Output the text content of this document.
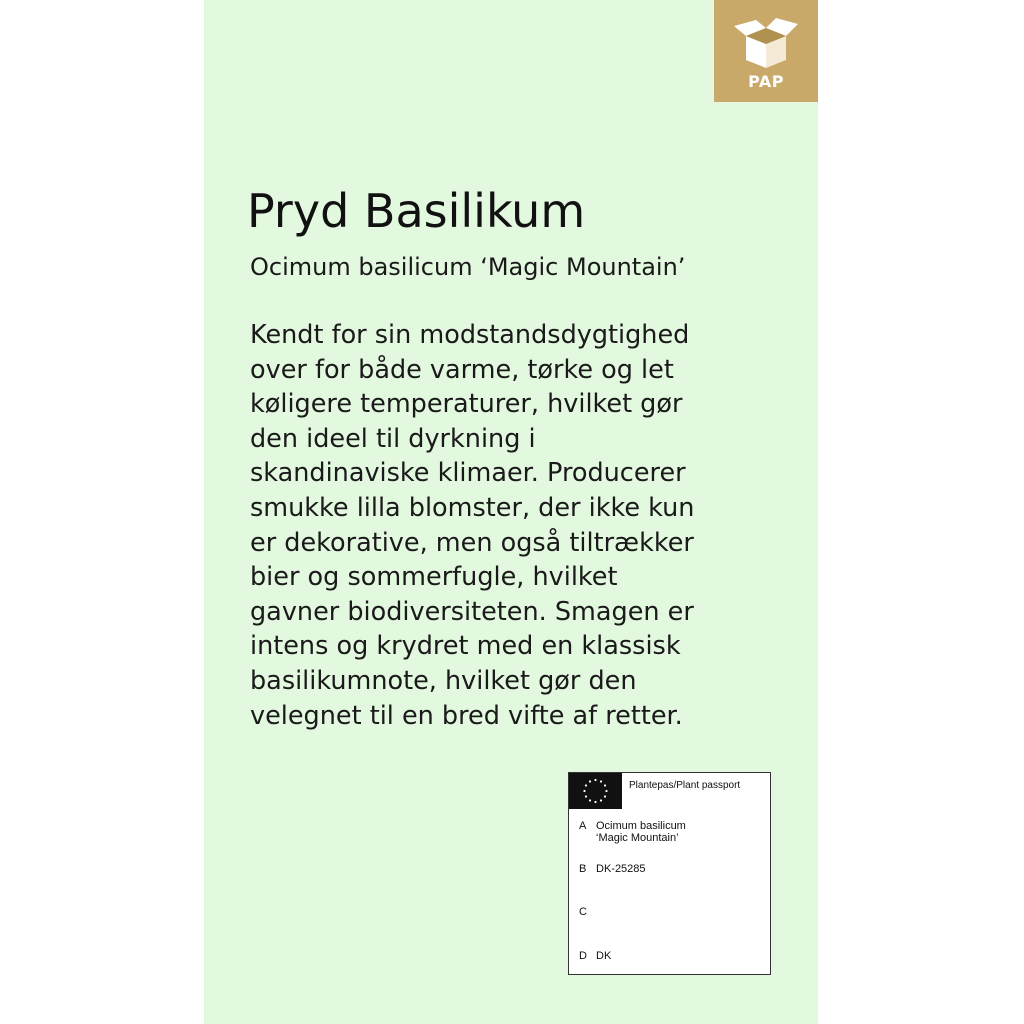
PAP
Pryd Basilikum
Ocimum basilicum ‘Magic Mountain’
Kendt for sin modstandsdygtighed
over for både varme, tørke og let
køligere temperaturer, hvilket gør
den ideel til dyrkning i
skandinaviske klimaer. Producerer
smukke lilla blomster, der ikke kun
er dekorative, men også tiltrækker
bier og sommerfugle, hvilket
gavner biodiversiteten. Smagen er
intens og krydret med en klassisk
basilikumnote, hvilket gør den
velegnet til en bred vifte af retter.
Plantepas/Plant passport
A Ocimum basilicum
‘Magic Mountain’
B DK-25285
C
D DK
